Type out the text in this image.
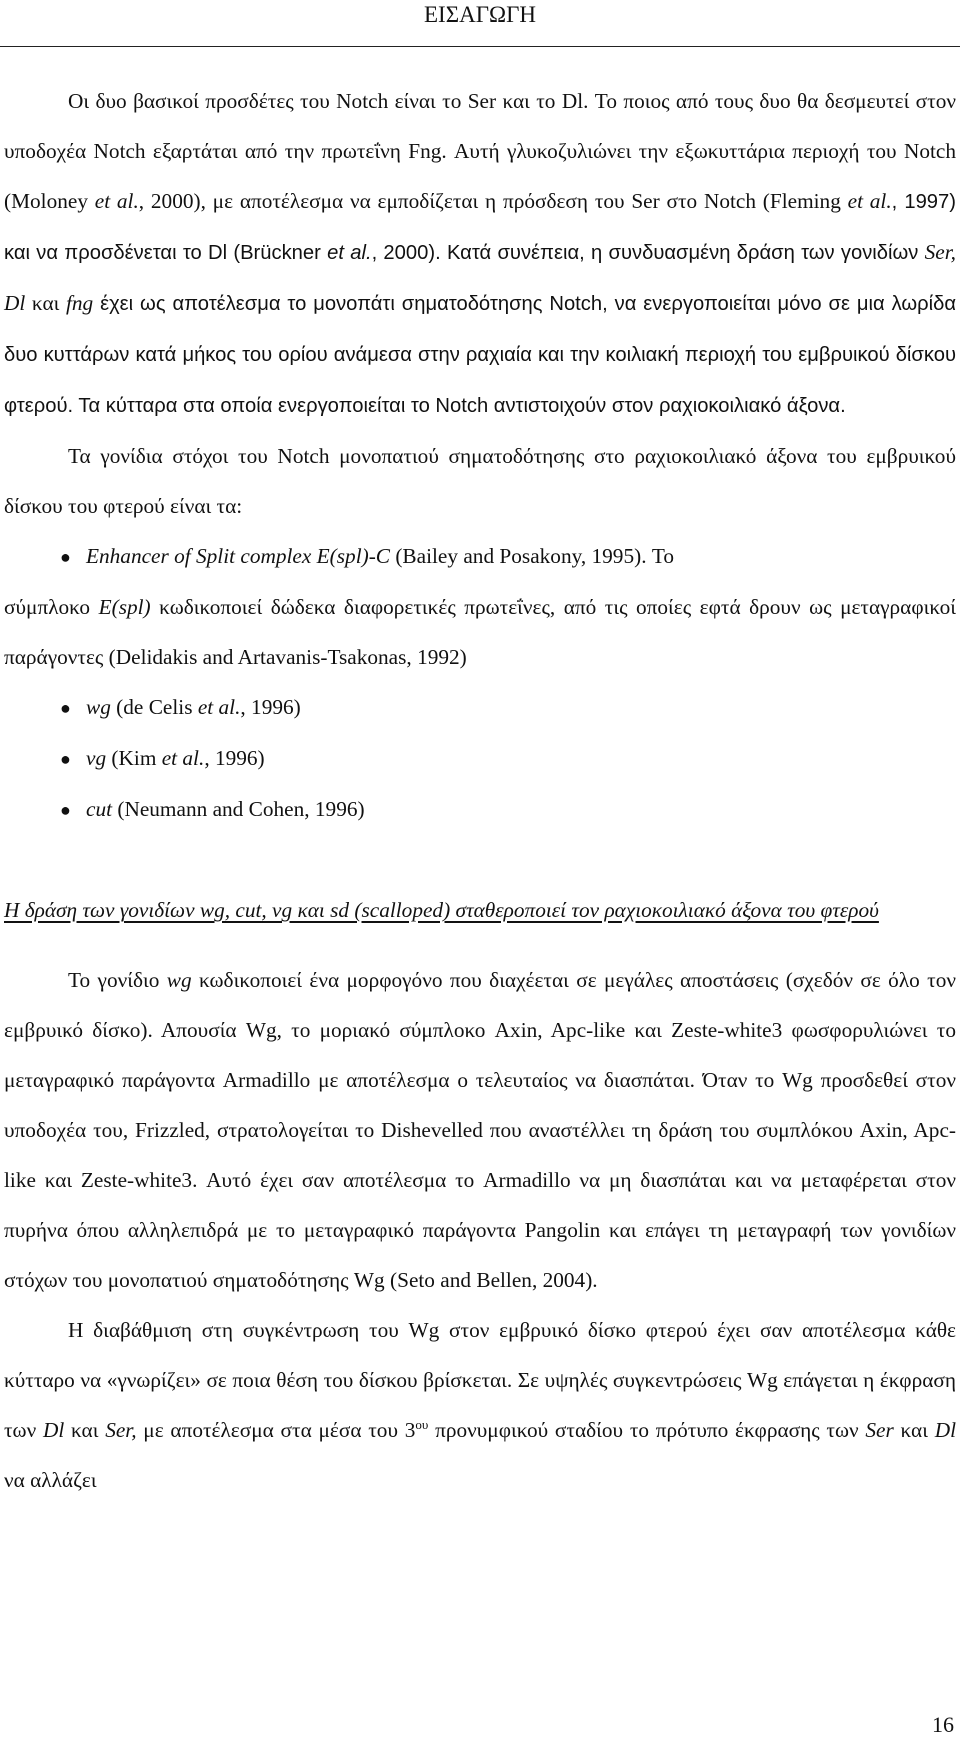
ΕΙΣΑΓΩΓΗ

Οι δυο βασικοί προσδέτες του Notch είναι το Ser και το Dl. Το ποιος από τους δυο θα δεσμευτεί στον υποδοχέα Notch εξαρτάται από την πρωτεΐνη Fng. Αυτή γλυκοζυλιώνει την εξωκυττάρια περιοχή του Notch (Moloney et al., 2000), με αποτέλεσμα να εμποδίζεται η πρόσδεση του Ser στο Notch (Fleming et al., 1997) και να προσδένεται το Dl (Brückner et al., 2000). Κατά συνέπεια, η συνδυασμένη δράση των γονιδίων Ser, Dl και fng έχει ως αποτέλεσμα το μονοπάτι σηματοδότησης Notch, να ενεργοποιείται μόνο σε μια λωρίδα δυο κυττάρων κατά μήκος του ορίου ανάμεσα στην ραχιαία και την κοιλιακή περιοχή του εμβρυικού δίσκου φτερού. Τα κύτταρα στα οποία ενεργοποιείται το Notch αντιστοιχούν στον ραχιοκοιλιακό άξονα.

Τα γονίδια στόχοι του Notch μονοπατιού σηματοδότησης στο ραχιοκοιλιακό άξονα του εμβρυικού δίσκου του φτερού είναι τα:

● Enhancer of Split complex E(spl)-C (Bailey and Posakony, 1995). Το

σύμπλοκο E(spl) κωδικοποιεί δώδεκα διαφορετικές πρωτεΐνες, από τις οποίες εφτά δρουν ως μεταγραφικοί παράγοντες (Delidakis and Artavanis-Tsakonas, 1992)

● wg (de Celis et al., 1996)
● vg (Kim et al., 1996)
● cut (Neumann and Cohen, 1996)

Η δράση των γονιδίων wg, cut, vg και sd (scalloped) σταθεροποιεί τον ραχιοκοιλιακό άξονα του φτερού

Το γονίδιο wg κωδικοποιεί ένα μορφογόνο που διαχέεται σε μεγάλες αποστάσεις (σχεδόν σε όλο τον εμβρυικό δίσκο). Απουσία Wg, το μοριακό σύμπλοκο Axin, Apc-like και Zeste-white3 φωσφορυλιώνει το μεταγραφικό παράγοντα Armadillo με αποτέλεσμα ο τελευταίος να διασπάται. Όταν το Wg προσδεθεί στον υποδοχέα του, Frizzled, στρατολογείται το Dishevelled που αναστέλλει τη δράση του συμπλόκου Axin, Apc-like και Zeste-white3. Αυτό έχει σαν αποτέλεσμα το Armadillo να μη διασπάται και να μεταφέρεται στον πυρήνα όπου αλληλεπιδρά με το μεταγραφικό παράγοντα Pangolin και επάγει τη μεταγραφή των γονιδίων στόχων του μονοπατιού σηματοδότησης Wg (Seto and Bellen, 2004).

Η διαβάθμιση στη συγκέντρωση του Wg στον εμβρυικό δίσκο φτερού έχει σαν αποτέλεσμα κάθε κύτταρο να «γνωρίζει» σε ποια θέση του δίσκου βρίσκεται. Σε υψηλές συγκεντρώσεις Wg επάγεται η έκφραση των Dl και Ser, με αποτέλεσμα στα μέσα του $3^{o\upsilon}$ προνυμφικού σταδίου το πρότυπο έκφρασης των Ser και Dl να αλλάζει

16
